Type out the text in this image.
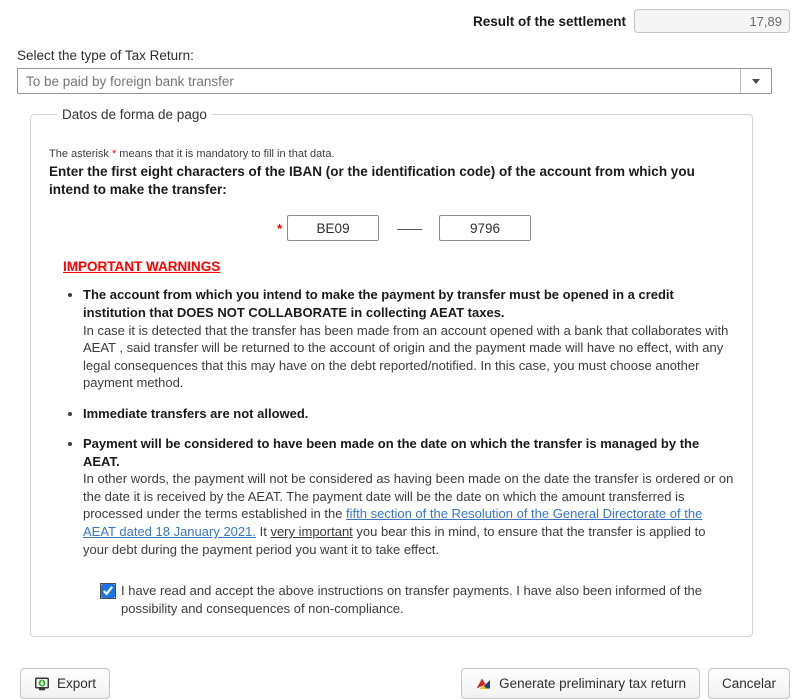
Result of the settlement
17,89
Select the type of Tax Return:
To be paid by foreign bank transfer
Datos de forma de pago

The asterisk * means that it is mandatory to fill in that data.

Enter the first eight characters of the IBAN (or the identification code) of the account from which you intend to make the transfer:

*
BE09	——
9796
IMPORTANT WARNINGS
• The account from which you intend to make the payment by transfer must be opened in a credit institution that DOES NOT COLLABORATE in collecting AEAT taxes.
In case it is detected that the transfer has been made from an account opened with a bank that collaborates with AEAT , said transfer will be returned to the account of origin and the payment made will have no effect, with any legal consequences that this may have on the debt reported/notified. In this case, you must choose another payment method.
• Immediate transfers are not allowed.
• Payment will be considered to have been made on the date on which the transfer is managed by the AEAT.
In other words, the payment will not be considered as having been made on the date the transfer is ordered or on the date it is received by the AEAT. The payment date will be the date on which the amount transferred is processed under the terms established in the fifth section of the Resolution of the General Directorate of the AEAT dated 18 January 2021. It very important you bear this in mind, to ensure that the transfer is applied to your debt during the payment period you want it to take effect.
I have read and accept the above instructions on transfer payments. I have also been informed of the possibility and consequences of non-compliance.
Export	Generate preliminary tax return	Cancelar
